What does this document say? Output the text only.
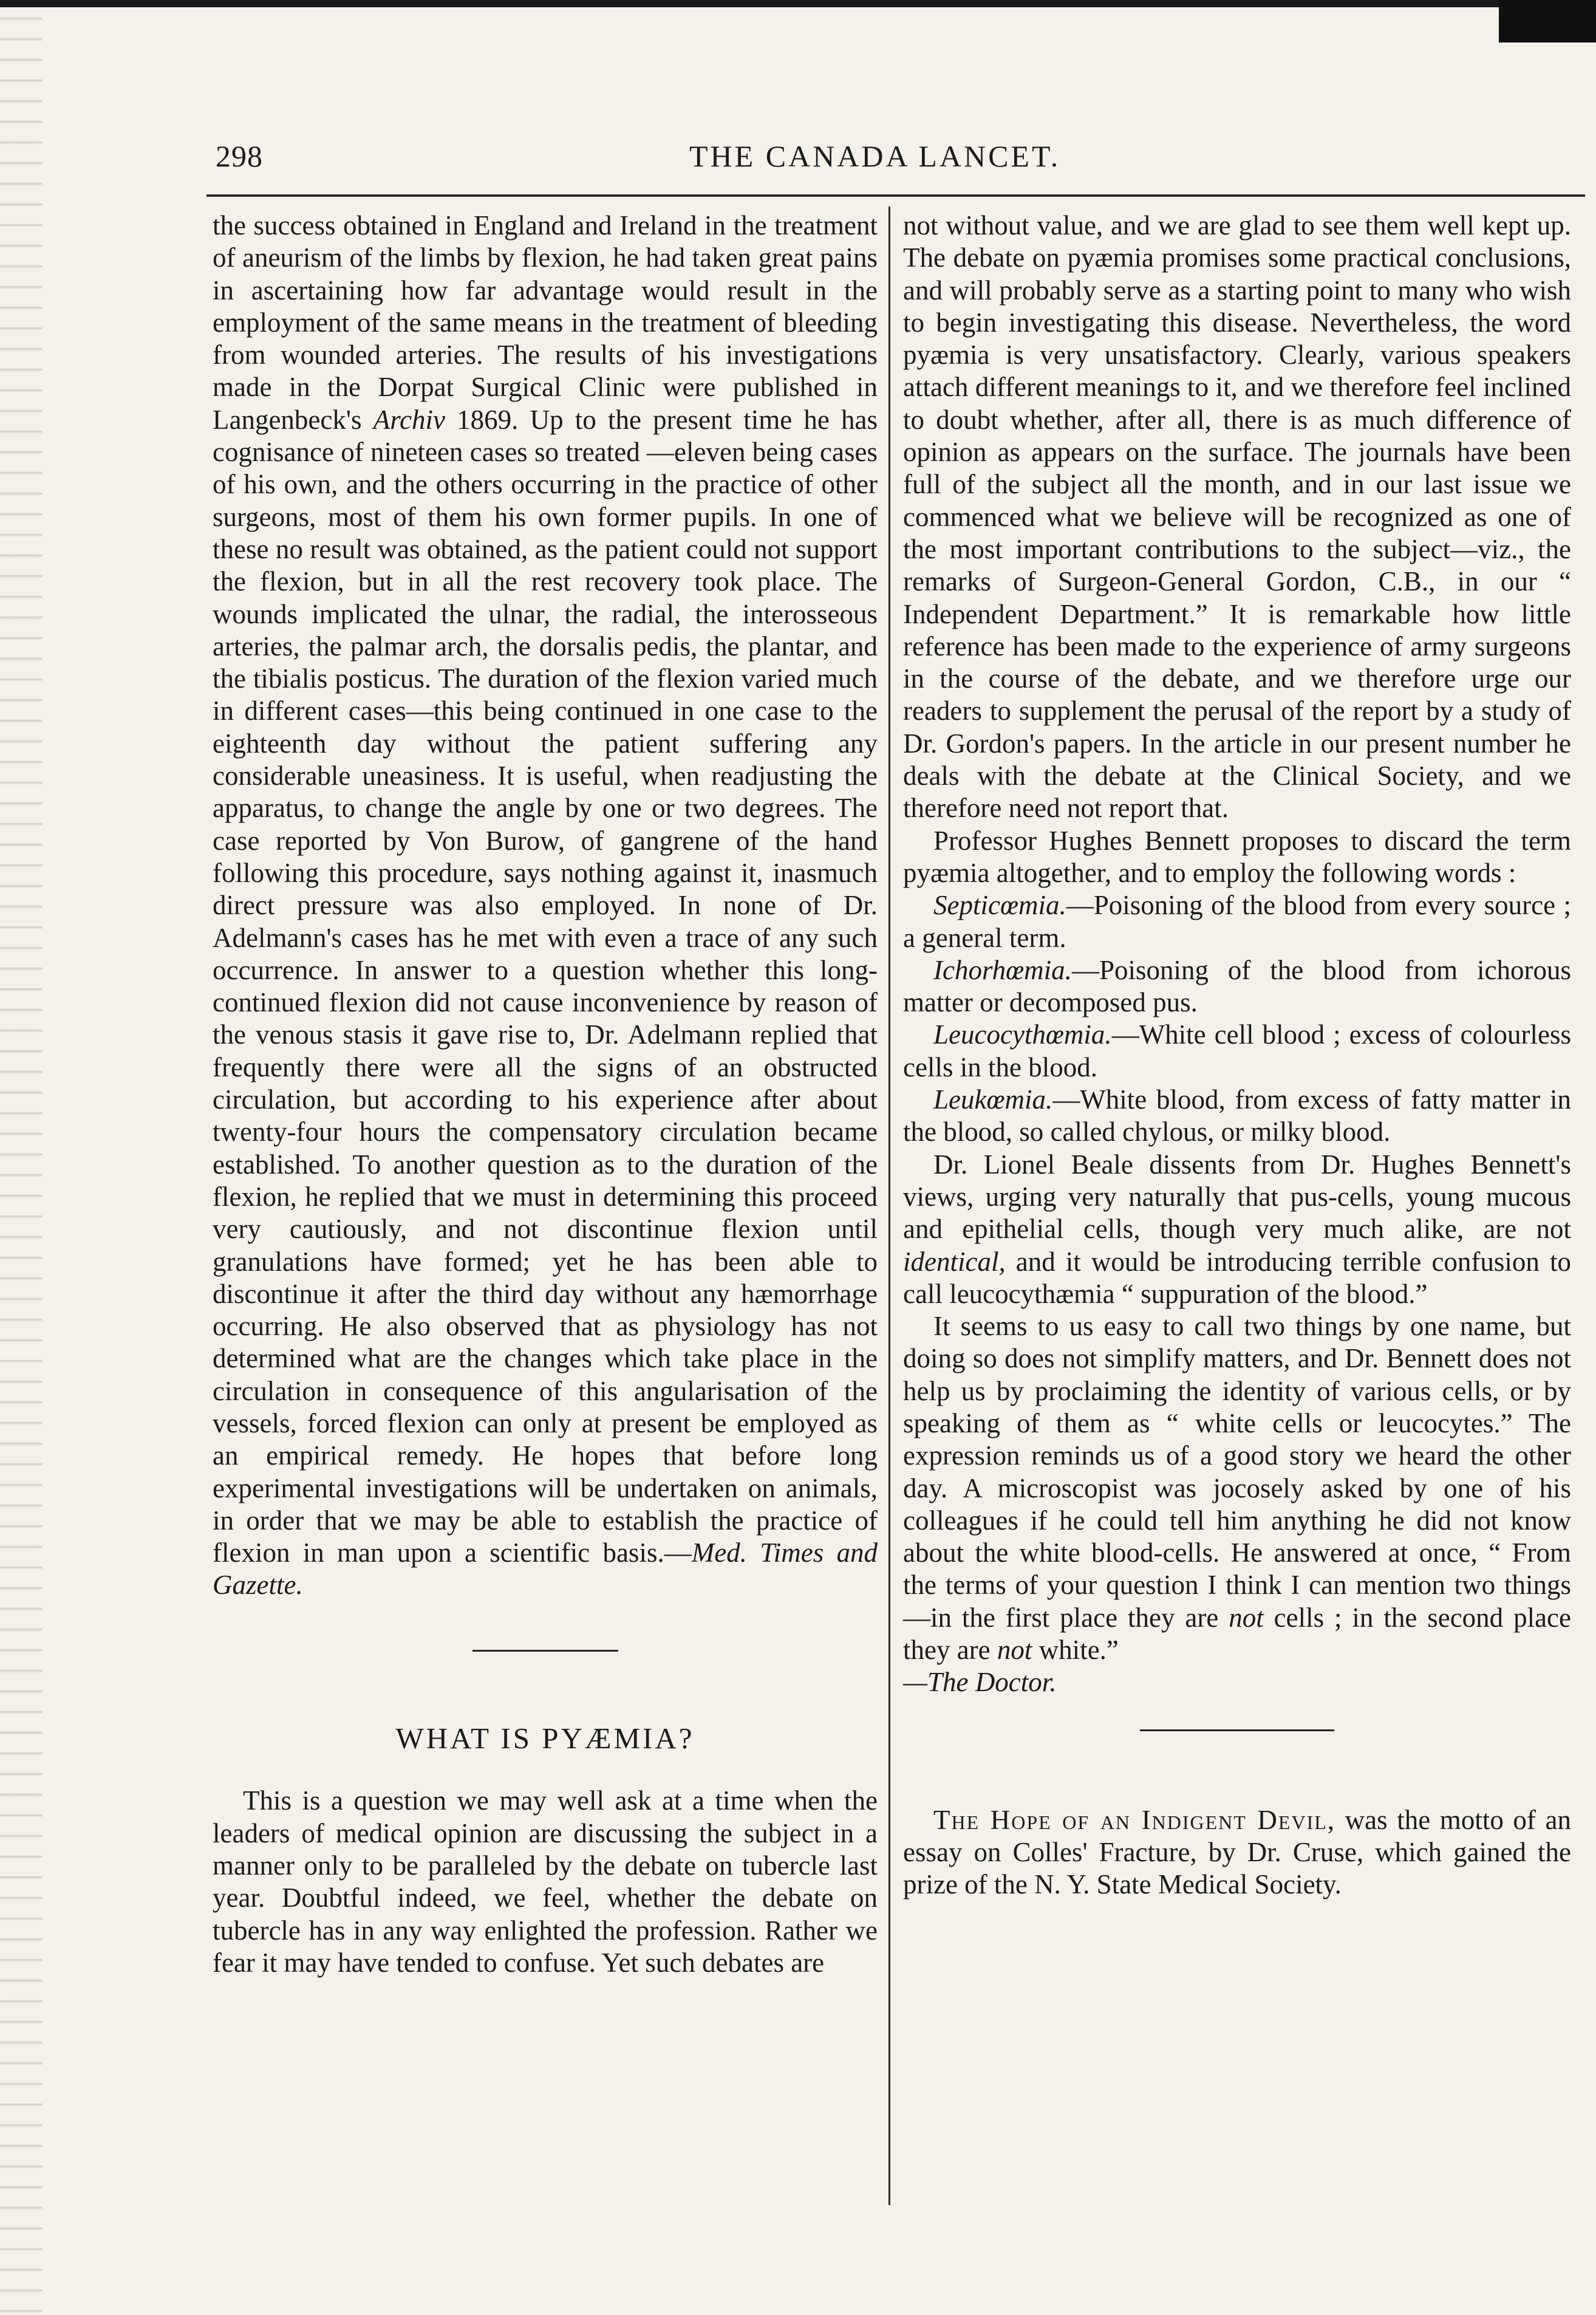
298	THE CANADA LANCET.

the success obtained in England and Ireland in the treatment of aneurism of the limbs by flexion, he had taken great pains in ascertaining how far advantage would result in the employment of the same means in the treatment of bleeding from wounded arteries. The results of his investigations made in the Dorpat Surgical Clinic were published in Langenbeck's Archiv 1869. Up to the present time he has cognisance of nineteen cases so treated —eleven being cases of his own, and the others occurring in the practice of other surgeons, most of them his own former pupils. In one of these no result was obtained, as the patient could not support the flexion, but in all the rest recovery took place. The wounds implicated the ulnar, the radial, the interosseous arteries, the palmar arch, the dorsalis pedis, the plantar, and the tibialis posticus. The duration of the flexion varied much in different cases—this being continued in one case to the eighteenth day without the patient suffering any considerable uneasiness. It is useful, when readjusting the apparatus, to change the angle by one or two degrees. The case reported by Von Burow, of gangrene of the hand following this procedure, says nothing against it, inasmuch direct pressure was also employed. In none of Dr. Adelmann's cases has he met with even a trace of any such occurrence. In answer to a question whether this long-continued flexion did not cause inconvenience by reason of the venous stasis it gave rise to, Dr. Adelmann replied that frequently there were all the signs of an obstructed circulation, but according to his experience after about twenty-four hours the compensatory circulation became established. To another question as to the duration of the flexion, he replied that we must in determining this proceed very cautiously, and not discontinue flexion until granulations have formed; yet he has been able to discontinue it after the third day without any hæmorrhage occurring. He also observed that as physiology has not determined what are the changes which take place in the circulation in consequence of this angularisation of the vessels, forced flexion can only at present be employed as an empirical remedy. He hopes that before long experimental investigations will be undertaken on animals, in order that we may be able to establish the practice of flexion in man upon a scientific basis.—Med. Times and Gazette.

WHAT IS PYÆMIA?

This is a question we may well ask at a time when the leaders of medical opinion are discussing the subject in a manner only to be paralleled by the debate on tubercle last year. Doubtful indeed, we feel, whether the debate on tubercle has in any way enlighted the profession. Rather we fear it may have tended to confuse. Yet such debates are

not without value, and we are glad to see them well kept up. The debate on pyæmia promises some practical conclusions, and will probably serve as a starting point to many who wish to begin investigating this disease. Nevertheless, the word pyæmia is very unsatisfactory. Clearly, various speakers attach different meanings to it, and we therefore feel inclined to doubt whether, after all, there is as much difference of opinion as appears on the surface. The journals have been full of the subject all the month, and in our last issue we commenced what we believe will be recognized as one of the most important contributions to the subject—viz., the remarks of Surgeon-General Gordon, C.B., in our “ Independent Department.” It is remarkable how little reference has been made to the experience of army surgeons in the course of the debate, and we therefore urge our readers to supplement the perusal of the report by a study of Dr. Gordon's papers. In the article in our present number he deals with the debate at the Clinical Society, and we therefore need not report that.

Professor Hughes Bennett proposes to discard the term pyæmia altogether, and to employ the following words :

Septicœmia.—Poisoning of the blood from every source ; a general term.

Ichorhœmia.—Poisoning of the blood from ichorous matter or decomposed pus.

Leucocythœmia.—White cell blood ; excess of colourless cells in the blood.

Leukœmia.—White blood, from excess of fatty matter in the blood, so called chylous, or milky blood.

Dr. Lionel Beale dissents from Dr. Hughes Bennett's views, urging very naturally that pus-cells, young mucous and epithelial cells, though very much alike, are not identical, and it would be introducing terrible confusion to call leucocythæmia “ suppuration of the blood.”

It seems to us easy to call two things by one name, but doing so does not simplify matters, and Dr. Bennett does not help us by proclaiming the identity of various cells, or by speaking of them as “ white cells or leucocytes.” The expression reminds us of a good story we heard the other day. A microscopist was jocosely asked by one of his colleagues if he could tell him anything he did not know about the white blood-cells. He answered at once, “ From the terms of your question I think I can mention two things—in the first place they are not cells ; in the second place they are not white.”
—The Doctor.

The Hope of an Indigent Devil, was the motto of an essay on Colles' Fracture, by Dr. Cruse, which gained the prize of the N. Y. State Medical Society.
